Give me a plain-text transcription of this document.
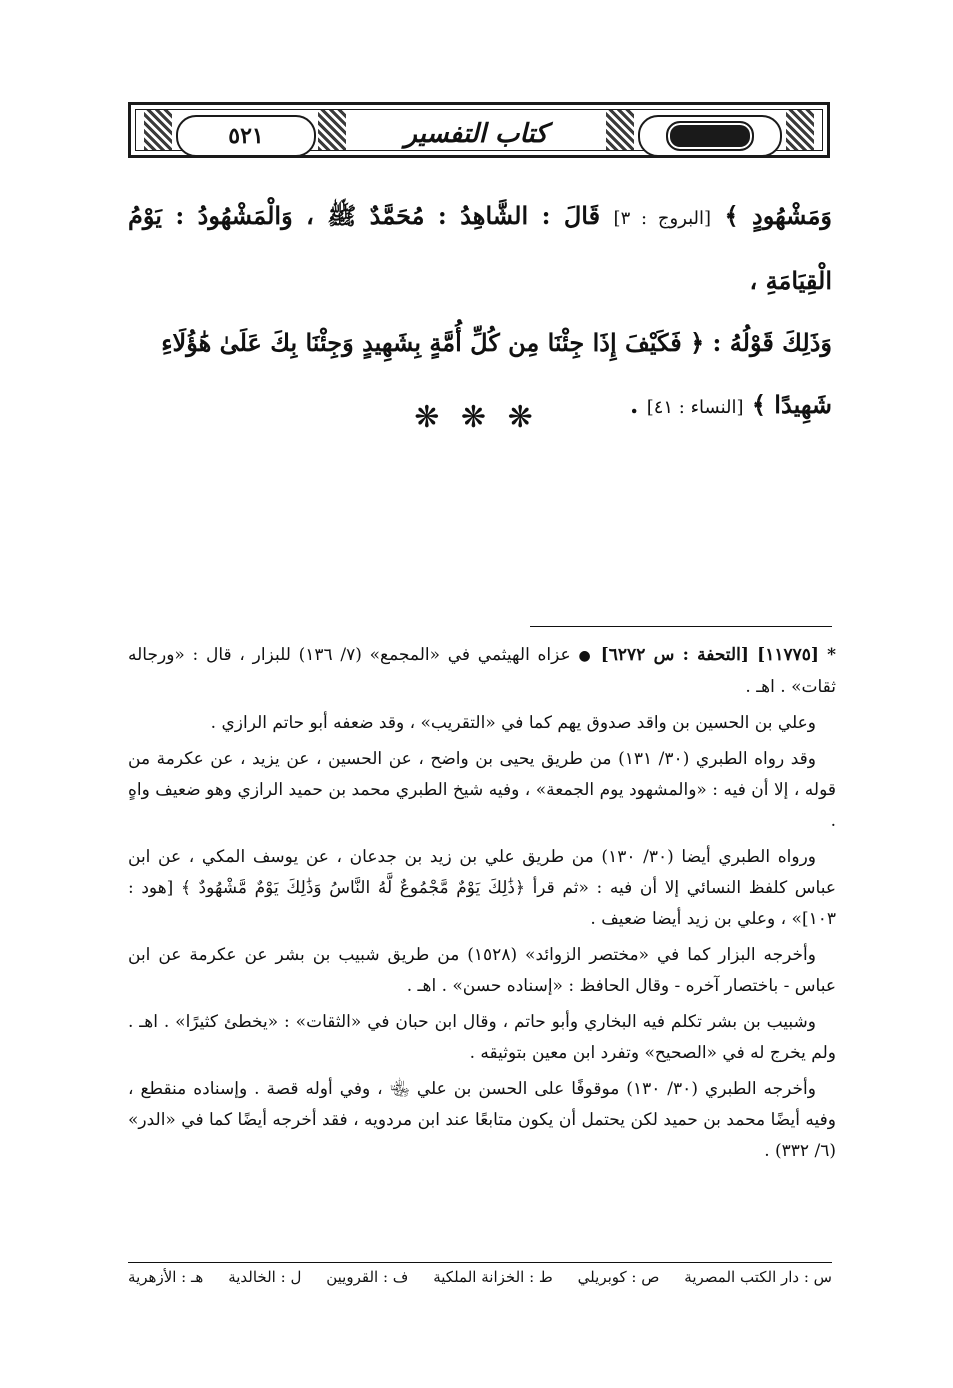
كتاب التفسير
٥٢١

وَمَشْهُودٍ ﴾ [البروج : ٣] قَالَ : الشَّاهِدُ : مُحَمَّدٌ ﷺ ، وَالْمَشْهُودُ : يَوْمُ الْقِيَامَةِ ،

وَذَلِكَ قَوْلُهُ : ﴿ فَكَيْفَ إِذَا جِئْنَا مِن كُلِّ أُمَّةٍ بِشَهِيدٍ وَجِئْنَا بِكَ عَلَىٰ هَٰؤُلَاءِ

شَهِيدًا ﴾ [النساء : ٤١] .

❋ ❋ ❋

* [١١٧٧٥] [التحفة : س ٦٢٧٢] ● عزاه الهيثمي في «المجمع» (٧/ ١٣٦) للبزار ، قال : «ورجاله ثقات» . اهـ .

وعلي بن الحسين بن واقد صدوق يهم كما في «التقريب» ، وقد ضعفه أبو حاتم الرازي .

وقد رواه الطبري (٣٠/ ١٣١) من طريق يحيى بن واضح ، عن الحسين ، عن يزيد ، عن عكرمة من قوله ، إلا أن فيه : «والمشهود يوم الجمعة» ، وفيه شيخ الطبري محمد بن حميد الرازي وهو ضعيف واهٍ .

ورواه الطبري أيضا (٣٠/ ١٣٠) من طريق علي بن زيد بن جدعان ، عن يوسف المكي ، عن ابن عباس كلفظ النسائي إلا أن فيه : «ثم قرأ ﴿ذَٰلِكَ يَوْمٌ مَّجْمُوعٌ لَّهُ النَّاسُ وَذَٰلِكَ يَوْمٌ مَّشْهُودٌ ﴾ [هود : ١٠٣]» ، وعلي بن زيد أيضا ضعيف .

وأخرجه البزار كما في «مختصر الزوائد» (١٥٢٨) من طريق شبيب بن بشر عن عكرمة عن ابن عباس - باختصار آخره - وقال الحافظ : «إسناده حسن» . اهـ .

وشبيب بن بشر تكلم فيه البخاري وأبو حاتم ، وقال ابن حبان في «الثقات» : «يخطئ كثيرًا» . اهـ . ولم يخرج له في «الصحيح» وتفرد ابن معين بتوثيقه .

وأخرجه الطبري (٣٠/ ١٣٠) موقوفًا على الحسن بن علي ﵄ ، وفي أوله قصة . وإسناده منقطع ، وفيه أيضًا محمد بن حميد لكن يحتمل أن يكون متابعًا عند ابن مردويه ، فقد أخرجه أيضًا كما في «الدر» (٦/ ٣٣٢) .

س : دار الكتب المصرية
ص : كوبريلي
ط : الخزانة الملكية
ف : القرويين
ل : الخالدية
هـ : الأزهرية
